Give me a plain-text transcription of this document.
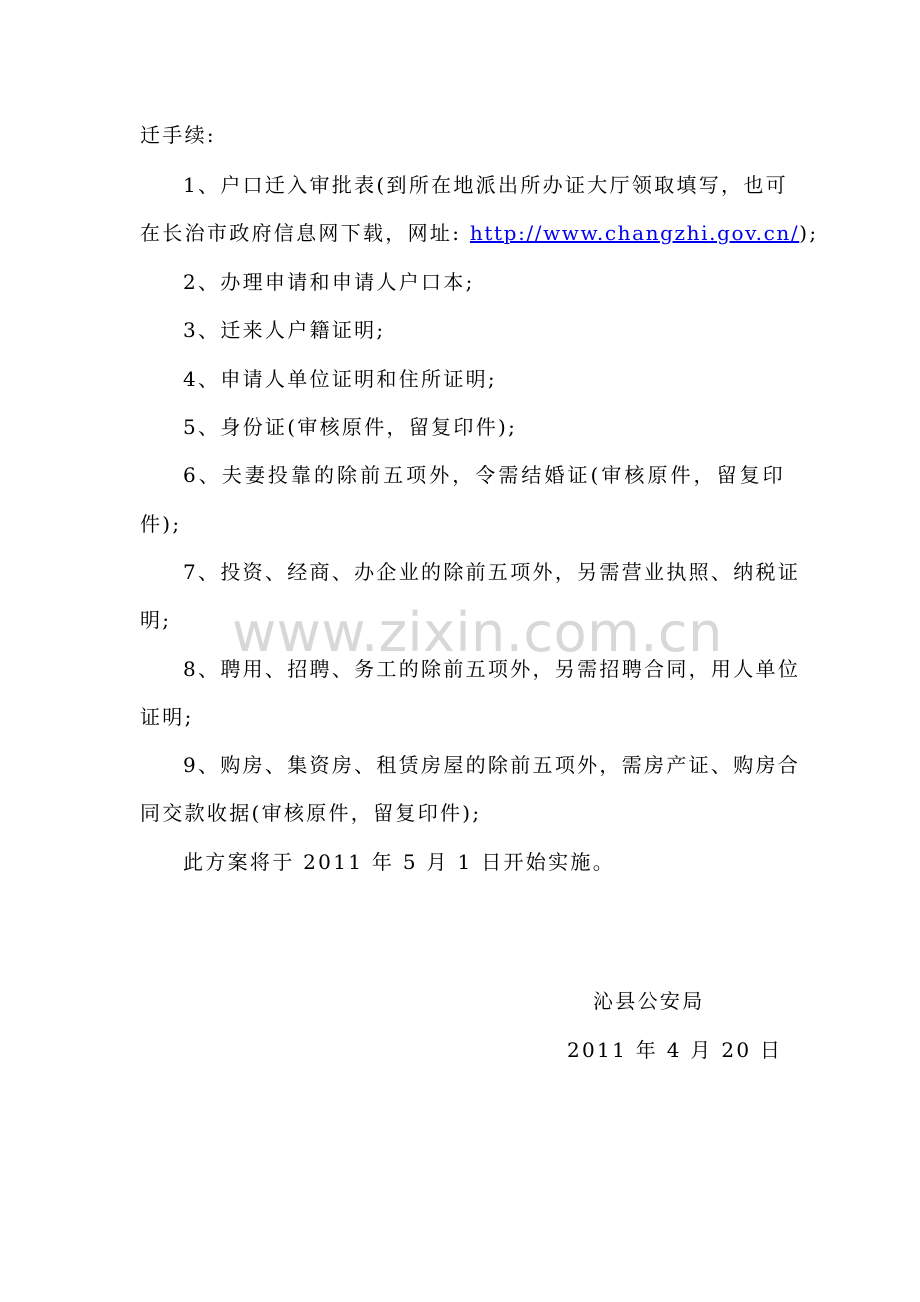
迁手续:
1、户口迁入审批表(到所在地派出所办证大厅领取填写，也可
在长治市政府信息网下载，网址: http://www.changzhi.gov.cn/);
2、办理申请和申请人户口本;
3、迁来人户籍证明;
4、申请人单位证明和住所证明;
5、身份证(审核原件，留复印件);
6、夫妻投靠的除前五项外，令需结婚证(审核原件，留复印
件);
7、投资、经商、办企业的除前五项外，另需营业执照、纳税证
明;	www.zixin.com.cn
8、聘用、招聘、务工的除前五项外，另需招聘合同，用人单位
证明;
9、购房、集资房、租赁房屋的除前五项外，需房产证、购房合
同交款收据(审核原件，留复印件);
此方案将于 2011 年 5 月 1 日开始实施。
沁县公安局
2011 年 4 月 20 日
